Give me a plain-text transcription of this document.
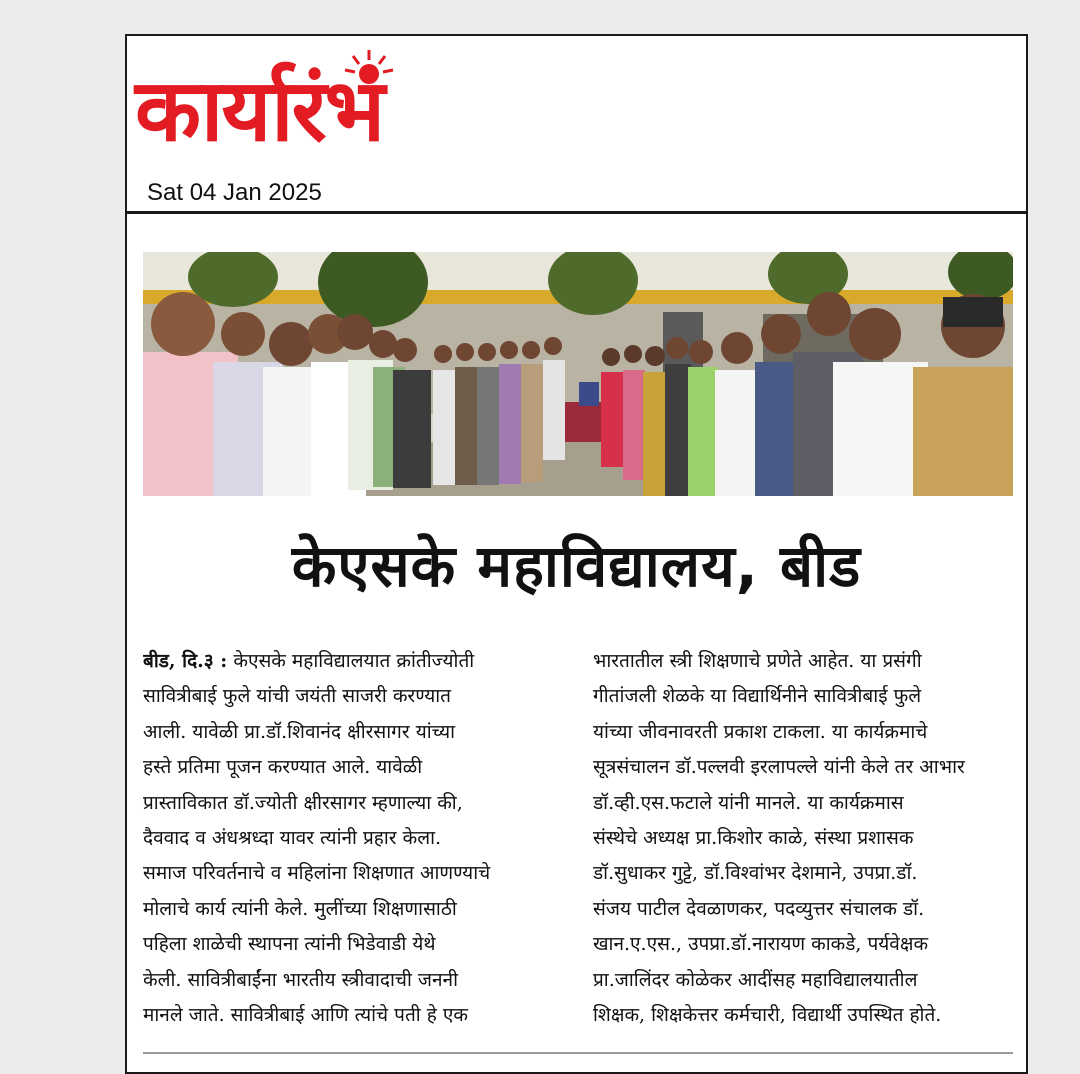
कार्यारंभ
Sat 04 Jan 2025
केएसके महाविद्यालय, बीड
बीड, दि.३ : केएसके महाविद्यालयात क्रांतीज्योती
सावित्रीबाई फुले यांची जयंती साजरी करण्यात
आली. यावेळी प्रा.डॉ.शिवानंद क्षीरसागर यांच्या
हस्ते प्रतिमा पूजन करण्यात आले. यावेळी
प्रास्ताविकात डॉ.ज्योती क्षीरसागर म्हणाल्या की,
दैववाद व अंधश्रध्दा यावर त्यांनी प्रहार केला.
समाज परिवर्तनाचे व महिलांना शिक्षणात आणण्याचे
मोलाचे कार्य त्यांनी केले. मुलींच्या शिक्षणासाठी
पहिला शाळेची स्थापना त्यांनी भिडेवाडी येथे
केली. सावित्रीबाईंना भारतीय स्त्रीवादाची जननी
मानले जाते. सावित्रीबाई आणि त्यांचे पती हे एक
भारतातील स्त्री शिक्षणाचे प्रणेते आहेत. या प्रसंगी
गीतांजली शेळके या विद्यार्थिनीने सावित्रीबाई फुले
यांच्या जीवनावरती प्रकाश टाकला. या कार्यक्रमाचे
सूत्रसंचालन डॉ.पल्लवी इरलापल्ले यांनी केले तर आभार
डॉ.व्ही.एस.फटाले यांनी मानले. या कार्यक्रमास
संस्थेचे अध्यक्ष प्रा.किशोर काळे, संस्था प्रशासक
डॉ.सुधाकर गुट्टे, डॉ.विश्वांभर देशमाने, उपप्रा.डॉ.
संजय पाटील देवळाणकर, पदव्युत्तर संचालक डॉ.
खान.ए.एस., उपप्रा.डॉ.नारायण काकडे, पर्यवेक्षक
प्रा.जालिंदर कोळेकर आदींसह महाविद्यालयातील
शिक्षक, शिक्षकेत्तर कर्मचारी, विद्यार्थी उपस्थित होते.
